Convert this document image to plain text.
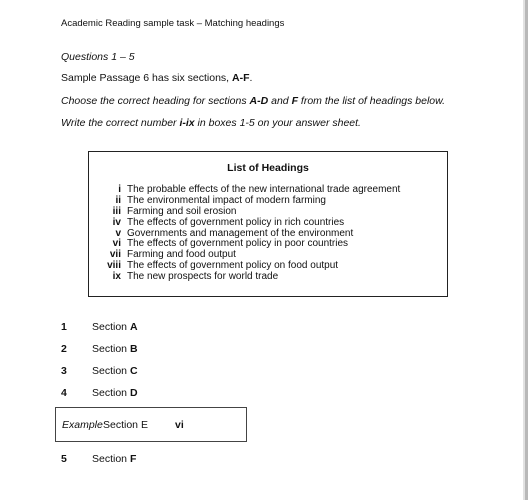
Academic Reading sample task – Matching headings
Questions 1 – 5
Sample Passage 6 has six sections, A-F.
Choose the correct heading for sections A-D and F from the list of headings below.
Write the correct number i-ix in boxes 1-5 on your answer sheet.
List of Headings
i The probable effects of the new international trade agreement
ii The environmental impact of modern farming
iii Farming and soil erosion
iv The effects of government policy in rich countries
v Governments and management of the environment
vi The effects of government policy in poor countries
vii Farming and food output
viii The effects of government policy on food output
ix The new prospects for world trade
1 Section A
2 Section B
3 Section C
4 Section D
Example Section E	vi
5 Section F
